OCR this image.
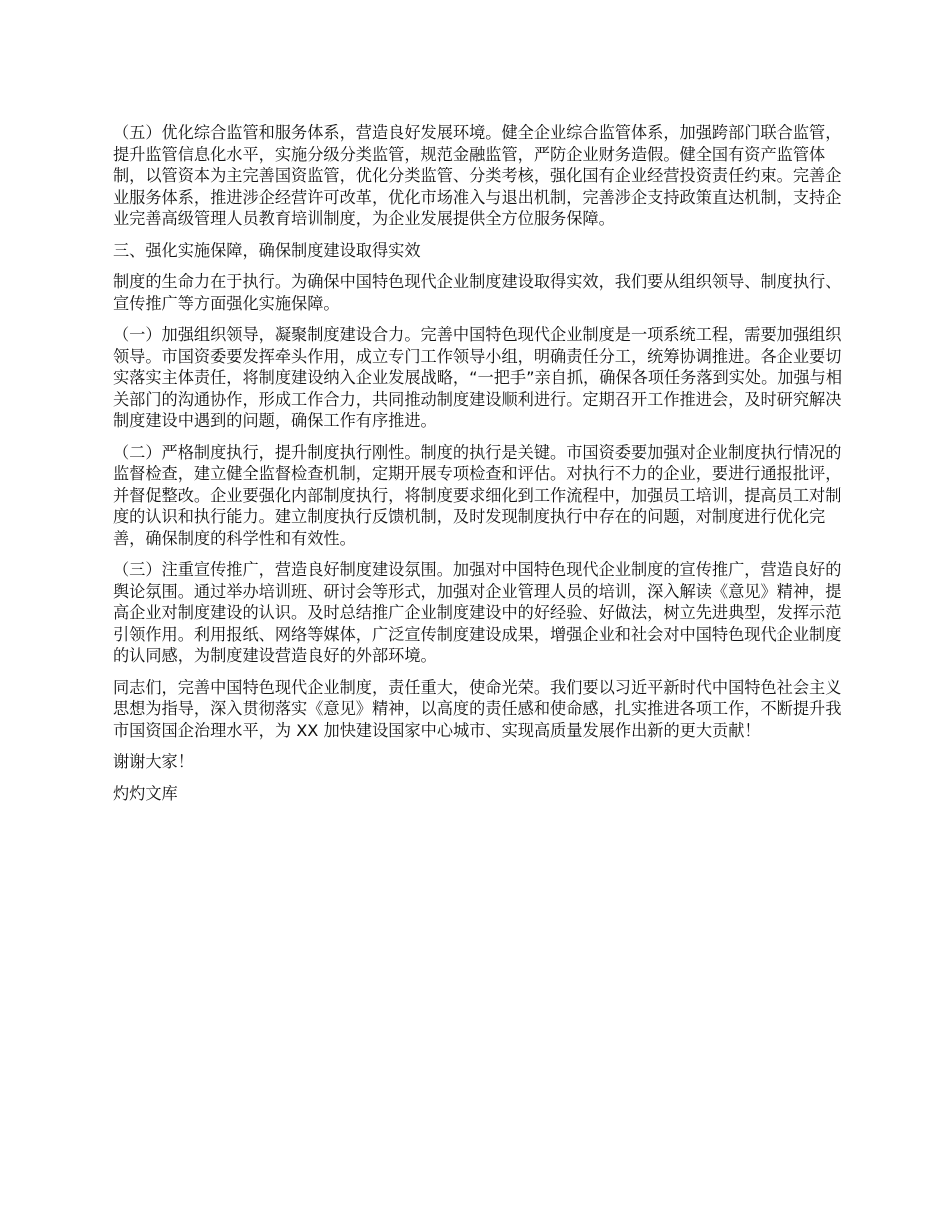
（五）优化综合监管和服务体系，营造良好发展环境。健全企业综合监管体系，加强跨部门联合监管，提升监管信息化水平，实施分级分类监管，规范金融监管，严防企业财务造假。健全国有资产监管体制，以管资本为主完善国资监管，优化分类监管、分类考核，强化国有企业经营投资责任约束。完善企业服务体系，推进涉企经营许可改革，优化市场准入与退出机制，完善涉企支持政策直达机制，支持企业完善高级管理人员教育培训制度，为企业发展提供全方位服务保障。

三、强化实施保障，确保制度建设取得实效

制度的生命力在于执行。为确保中国特色现代企业制度建设取得实效，我们要从组织领导、制度执行、宣传推广等方面强化实施保障。

（一）加强组织领导，凝聚制度建设合力。完善中国特色现代企业制度是一项系统工程，需要加强组织领导。市国资委要发挥牵头作用，成立专门工作领导小组，明确责任分工，统筹协调推进。各企业要切实落实主体责任，将制度建设纳入企业发展战略，“一把手”亲自抓，确保各项任务落到实处。加强与相关部门的沟通协作，形成工作合力，共同推动制度建设顺利进行。定期召开工作推进会，及时研究解决制度建设中遇到的问题，确保工作有序推进。

（二）严格制度执行，提升制度执行刚性。制度的执行是关键。市国资委要加强对企业制度执行情况的监督检查，建立健全监督检查机制，定期开展专项检查和评估。对执行不力的企业，要进行通报批评，并督促整改。企业要强化内部制度执行，将制度要求细化到工作流程中，加强员工培训，提高员工对制度的认识和执行能力。建立制度执行反馈机制，及时发现制度执行中存在的问题，对制度进行优化完善，确保制度的科学性和有效性。

（三）注重宣传推广，营造良好制度建设氛围。加强对中国特色现代企业制度的宣传推广，营造良好的舆论氛围。通过举办培训班、研讨会等形式，加强对企业管理人员的培训，深入解读《意见》精神，提高企业对制度建设的认识。及时总结推广企业制度建设中的好经验、好做法，树立先进典型，发挥示范引领作用。利用报纸、网络等媒体，广泛宣传制度建设成果，增强企业和社会对中国特色现代企业制度的认同感，为制度建设营造良好的外部环境。

同志们，完善中国特色现代企业制度，责任重大，使命光荣。我们要以习近平新时代中国特色社会主义思想为指导，深入贯彻落实《意见》精神，以高度的责任感和使命感，扎实推进各项工作，不断提升我市国资国企治理水平，为 XX 加快建设国家中心城市、实现高质量发展作出新的更大贡献！

谢谢大家！

灼灼文库
